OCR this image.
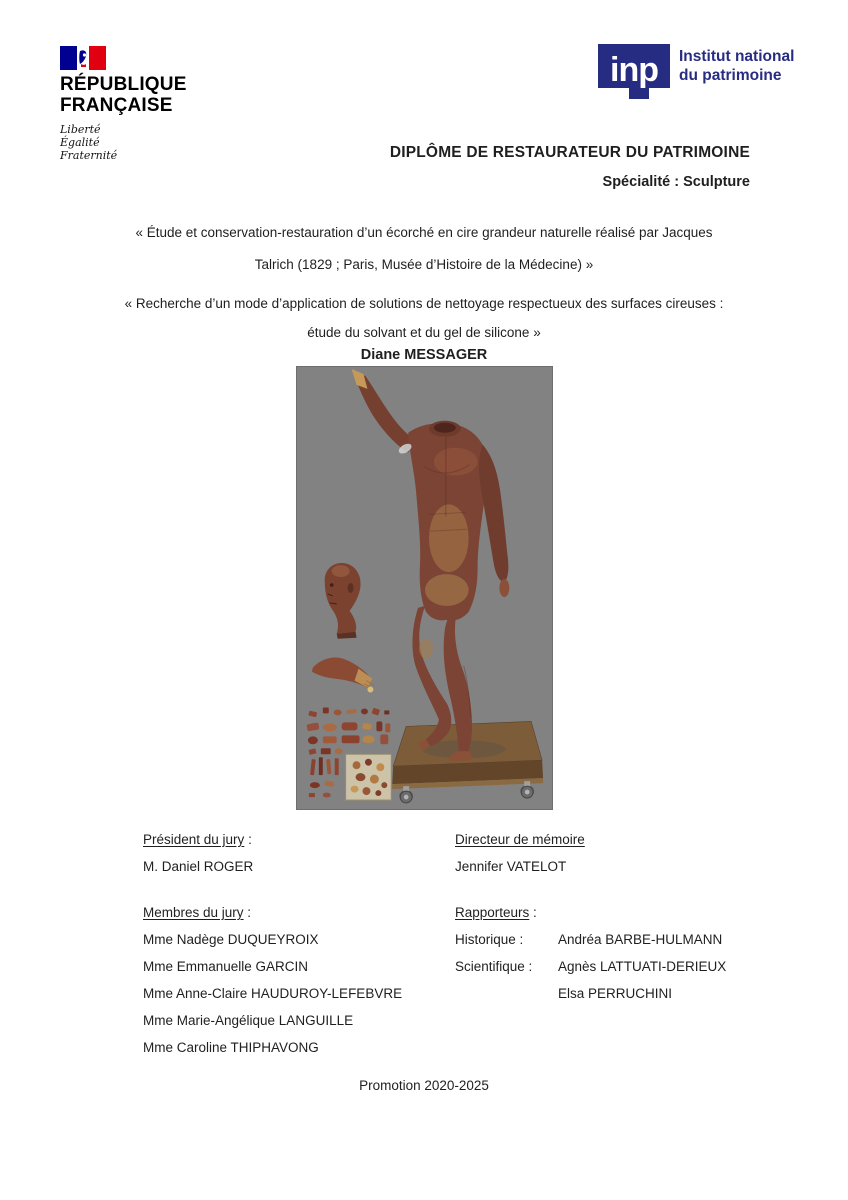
RÉPUBLIQUE
FRANÇAISE
Liberté
Égalité
Fraternité
inp Institut national
du patrimoine
DIPLÔME DE RESTAURATEUR DU PATRIMOINE
Spécialité : Sculpture
« Étude et conservation-restauration d’un écorché en cire grandeur naturelle réalisé par Jacques
Talrich (1829 ; Paris, Musée d’Histoire de la Médecine) »
« Recherche d’un mode d’application de solutions de nettoyage respectueux des surfaces cireuses :
étude du solvant et du gel de silicone »
Diane MESSAGER
Président du jury :
M. Daniel ROGER
Membres du jury :
Mme Nadège DUQUEYROIX
Mme Emmanuelle GARCIN
Mme Anne-Claire HAUDUROY-LEFEBVRE
Mme Marie-Angélique LANGUILLE
Mme Caroline THIPHAVONG
Directeur de mémoire
Jennifer VATELOT
Rapporteurs :
Historique :	Andréa BARBE-HULMANN
Scientifique : Agnès LATTUATI-DERIEUX
Elsa PERRUCHINI
Promotion 2020-2025
